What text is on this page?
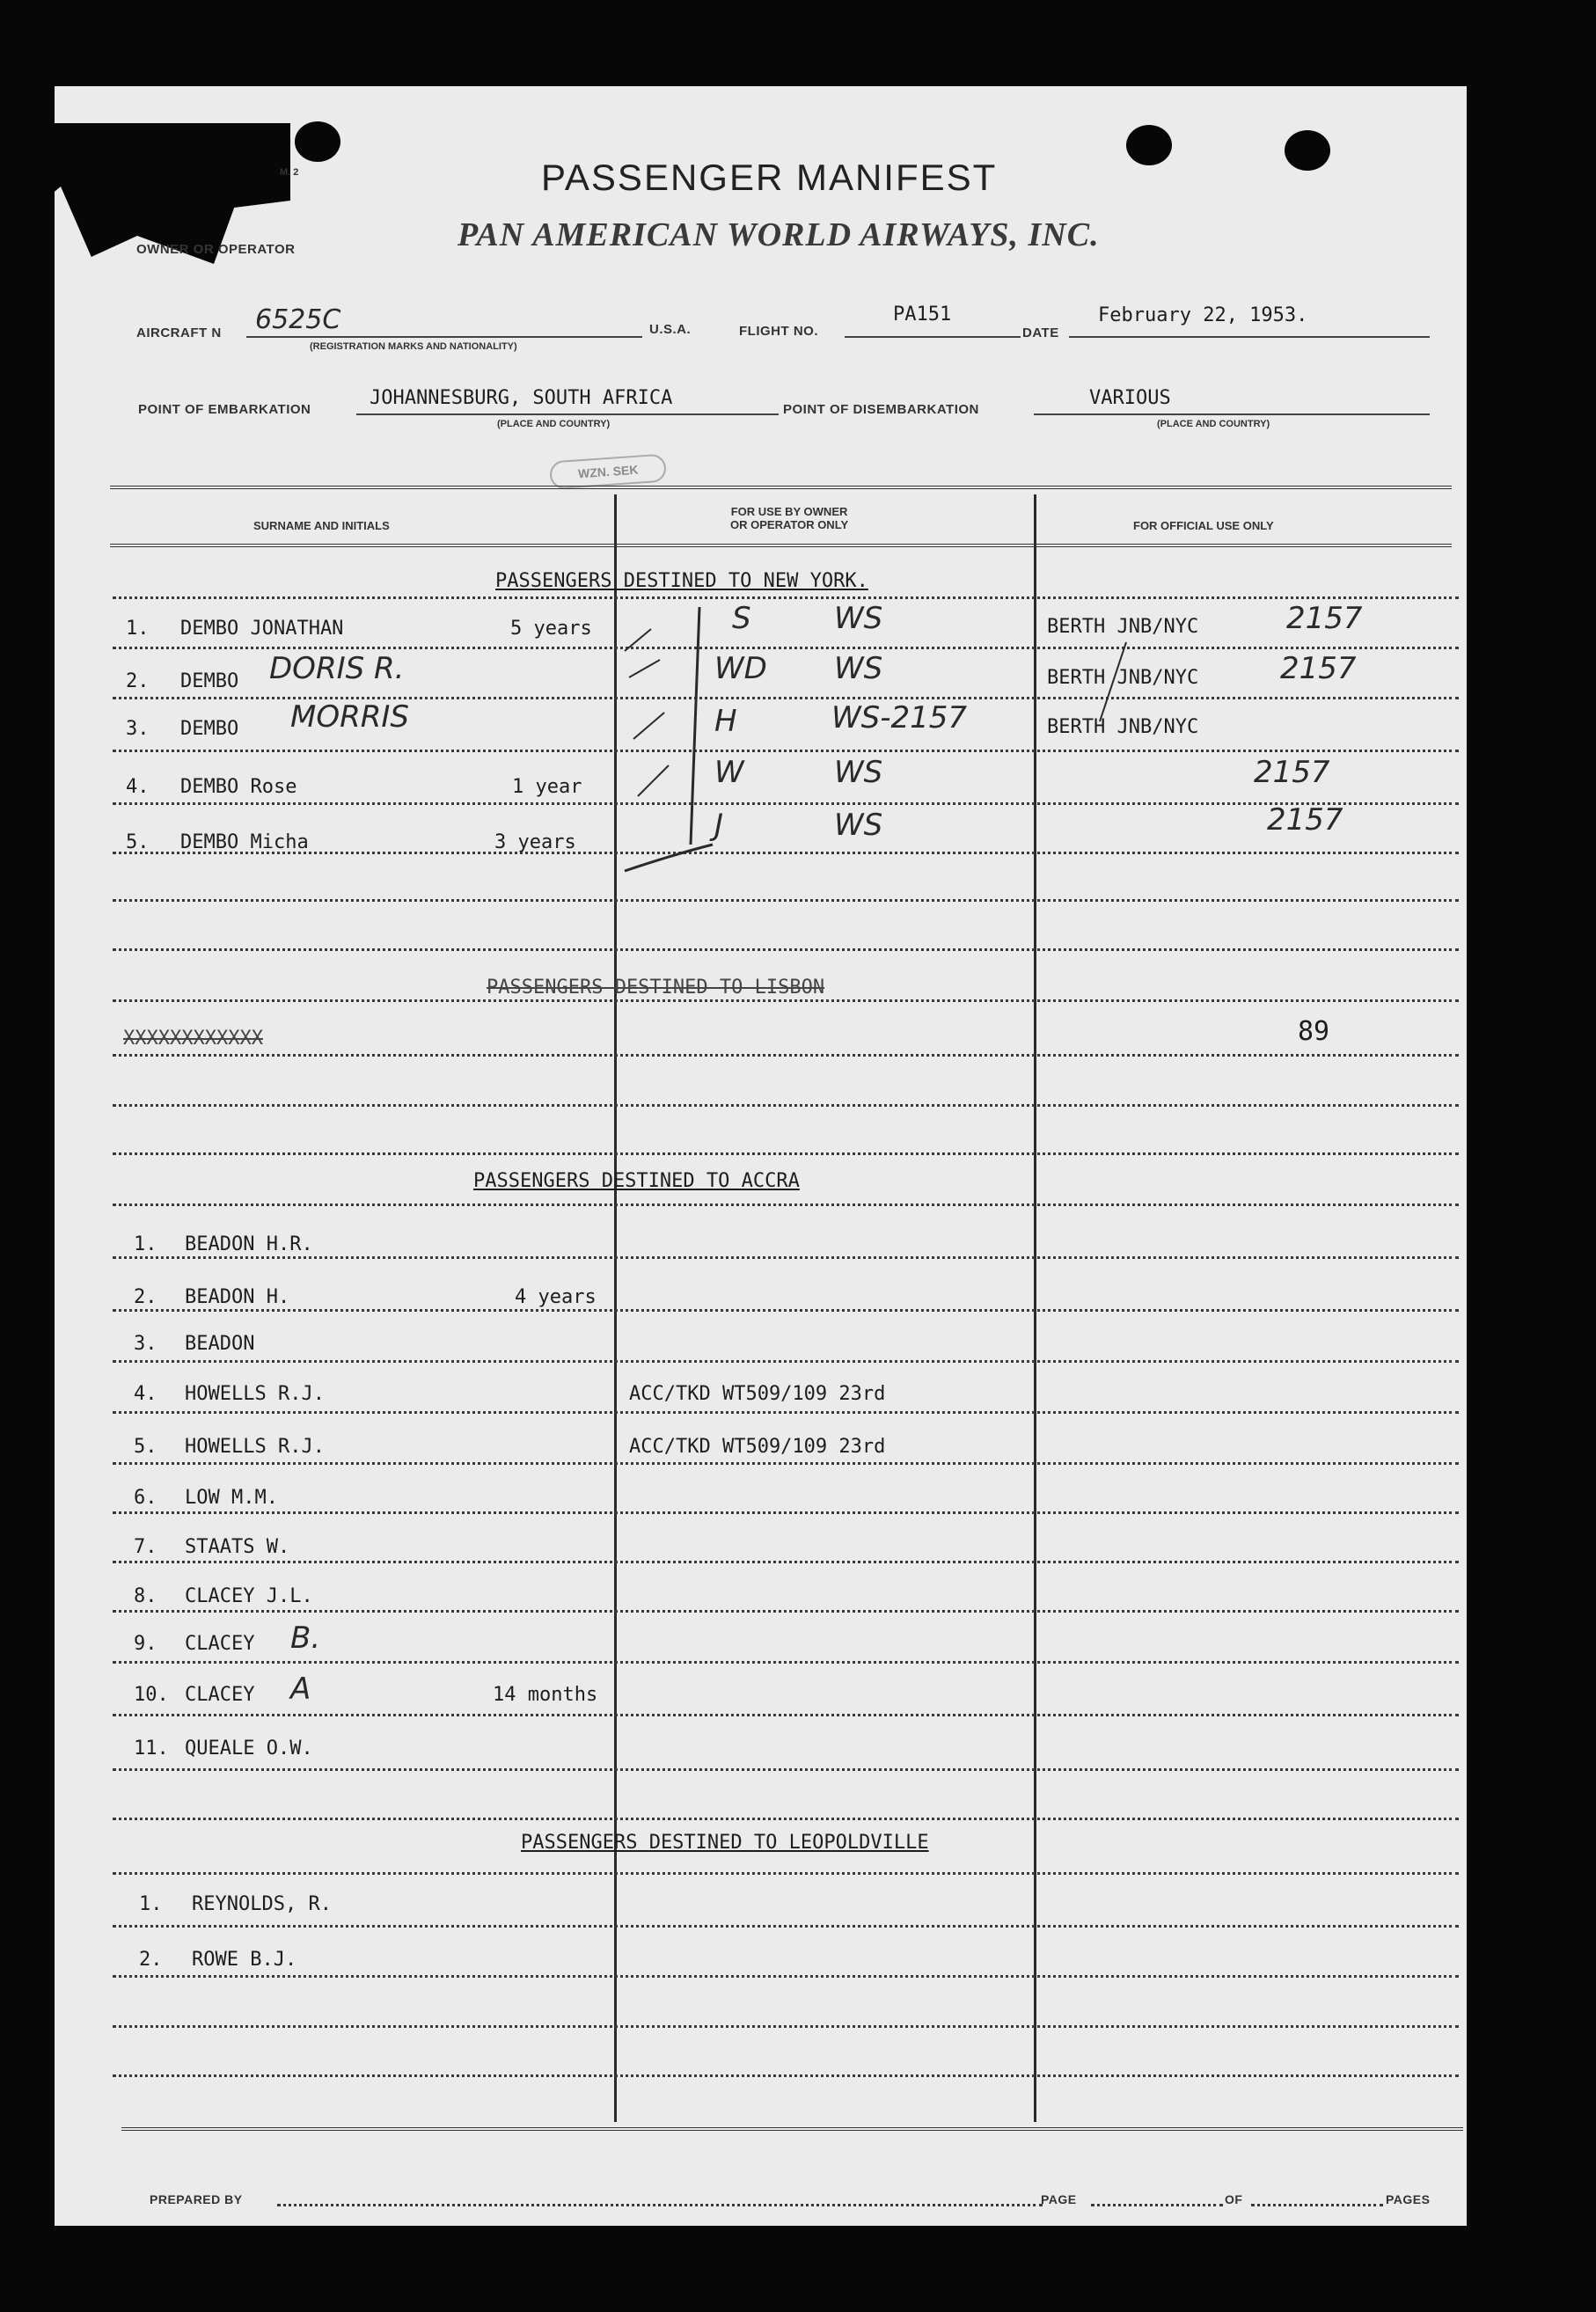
M. 2	PASSENGER MANIFEST
PAN AMERICAN WORLD AIRWAYS, INC.
OWNER OR OPERATOR
AIRCRAFT N 6525C
(REGISTRATION MARKS AND NATIONALITY)
U.S.A.	FLIGHT NO.
PA151
DATE
February 22, 1953.
POINT OF EMBARKATION
JOHANNESBURG, SOUTH AFRICA
(PLACE AND COUNTRY)
POINT OF DISEMBARKATION
VARIOUS
(PLACE AND COUNTRY)
WZN. SEK
SURNAME AND INITIALS
FOR USE BY OWNER
OR OPERATOR ONLY	FOR OFFICIAL USE ONLY
PASSENGERS DESTINED TO NEW YORK.
1. DEMBO JONATHAN	5 years	S	WS	BERTH JNB/NYC	2157
2. DEMBO DORIS R.	WD WS	BERTH JNB/NYC	2157
3. DEMBO MORRIS	H	WS-2157	BERTH JNB/NYC
4. DEMBO Rose	1 year	W	WS	2157
5. DEMBO Micha	3 years	J	WS	2157
PASSENGERS DESTINED TO LISBON
XXXXXXXXXXXX	89
PASSENGERS DESTINED TO ACCRA
1. BEADON H.R.
2. BEADON H.	4 years
3. BEADON
4. HOWELLS R.J.	ACC/TKD WT509/109 23rd
5. HOWELLS R.J.	ACC/TKD WT509/109 23rd
6. LOW M.M.
7. STAATS W.
8. CLACEY J.L.
9. CLACEY B.
10. CLACEY A	14 months
11. QUEALE O.W.
PASSENGERS DESTINED TO LEOPOLDVILLE
1. REYNOLDS, R.
2. ROWE B.J.
PREPARED BY	PAGE	OF	PAGES
